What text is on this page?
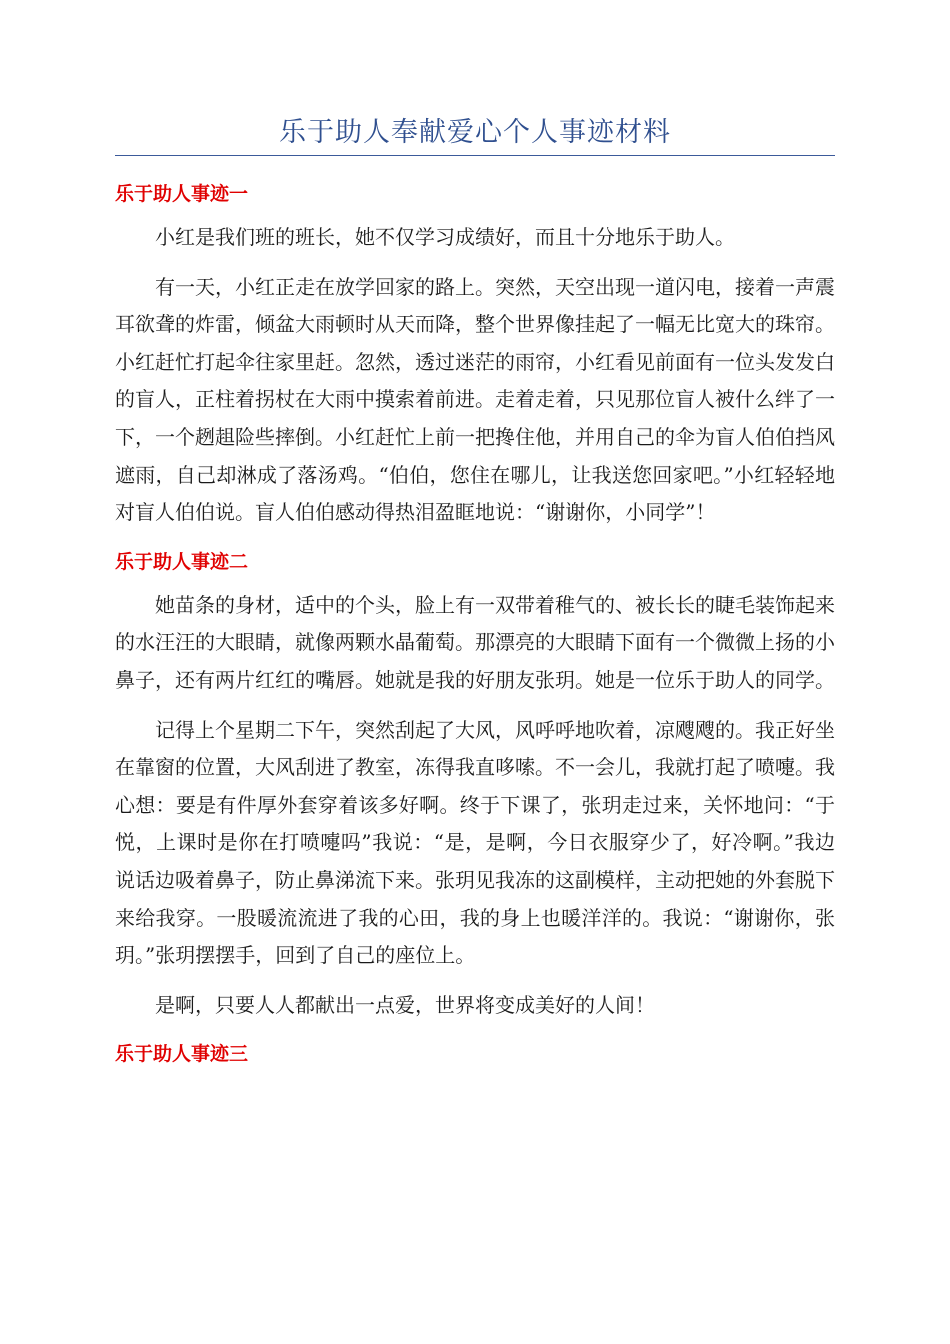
乐于助人奉献爱心个人事迹材料
乐于助人事迹一

小红是我们班的班长，她不仅学习成绩好，而且十分地乐于助人。

有一天，小红正走在放学回家的路上。突然，天空出现一道闪电，接着一声震耳欲聋的炸雷，倾盆大雨顿时从天而降，整个世界像挂起了一幅无比宽大的珠帘。小红赶忙打起伞往家里赶。忽然，透过迷茫的雨帘，小红看见前面有一位头发发白的盲人，正柱着拐杖在大雨中摸索着前进。走着走着，只见那位盲人被什么绊了一下，一个趔趄险些摔倒。小红赶忙上前一把搀住他，并用自己的伞为盲人伯伯挡风遮雨，自己却淋成了落汤鸡。“伯伯，您住在哪儿，让我送您回家吧。”小红轻轻地对盲人伯伯说。盲人伯伯感动得热泪盈眶地说：“谢谢你，小同学”！

乐于助人事迹二

她苗条的身材，适中的个头，脸上有一双带着稚气的、被长长的睫毛装饰起来的水汪汪的大眼睛，就像两颗水晶葡萄。那漂亮的大眼睛下面有一个微微上扬的小鼻子，还有两片红红的嘴唇。她就是我的好朋友张玥。她是一位乐于助人的同学。

记得上个星期二下午，突然刮起了大风，风呼呼地吹着，凉飕飕的。我正好坐在靠窗的位置，大风刮进了教室，冻得我直哆嗦。不一会儿，我就打起了喷嚏。我心想：要是有件厚外套穿着该多好啊。终于下课了，张玥走过来，关怀地问：“于悦，上课时是你在打喷嚏吗”我说：“是，是啊，今日衣服穿少了，好冷啊。”我边说话边吸着鼻子，防止鼻涕流下来。张玥见我冻的这副模样，主动把她的外套脱下来给我穿。一股暖流流进了我的心田，我的身上也暖洋洋的。我说：“谢谢你，张玥。”张玥摆摆手，回到了自己的座位上。

是啊，只要人人都献出一点爱，世界将变成美好的人间！

乐于助人事迹三
